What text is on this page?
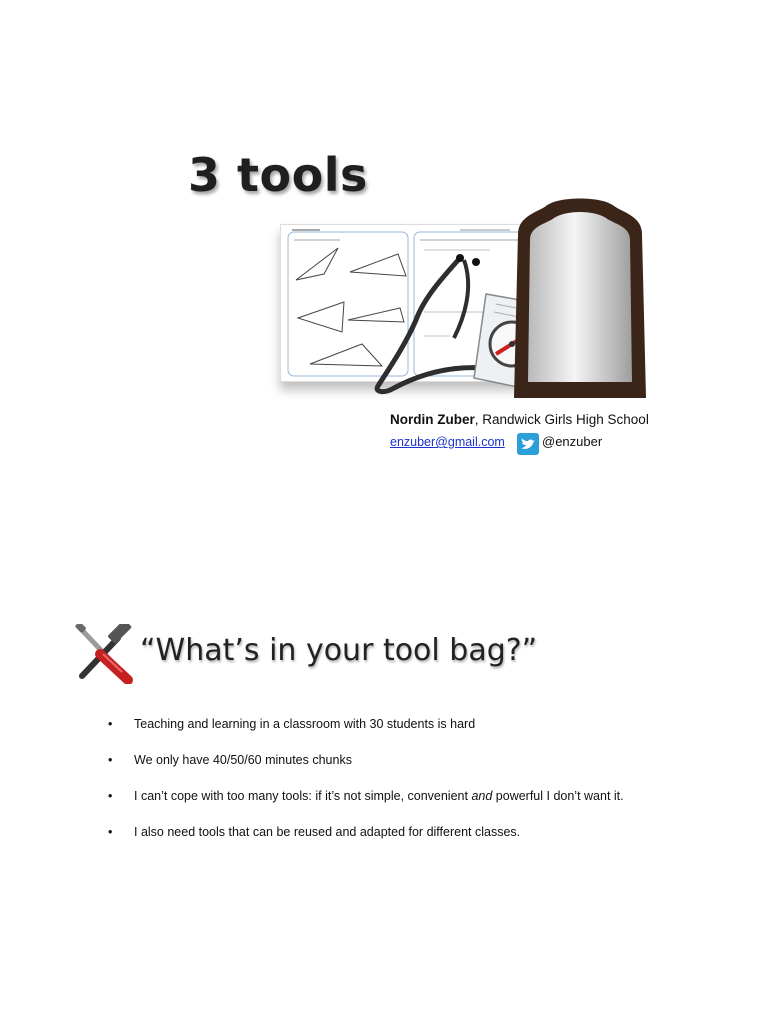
3 tools
Nordin Zuber, Randwick Girls High School
enzuber@gmail.com	@enzuber
“What’s in your tool bag?”
• Teaching and learning in a classroom with 30 students is hard
• We only have 40/50/60 minutes chunks
• I can’t cope with too many tools: if it’s not simple, convenient and powerful I don’t want it.
• I also need tools that can be reused and adapted for different classes.
